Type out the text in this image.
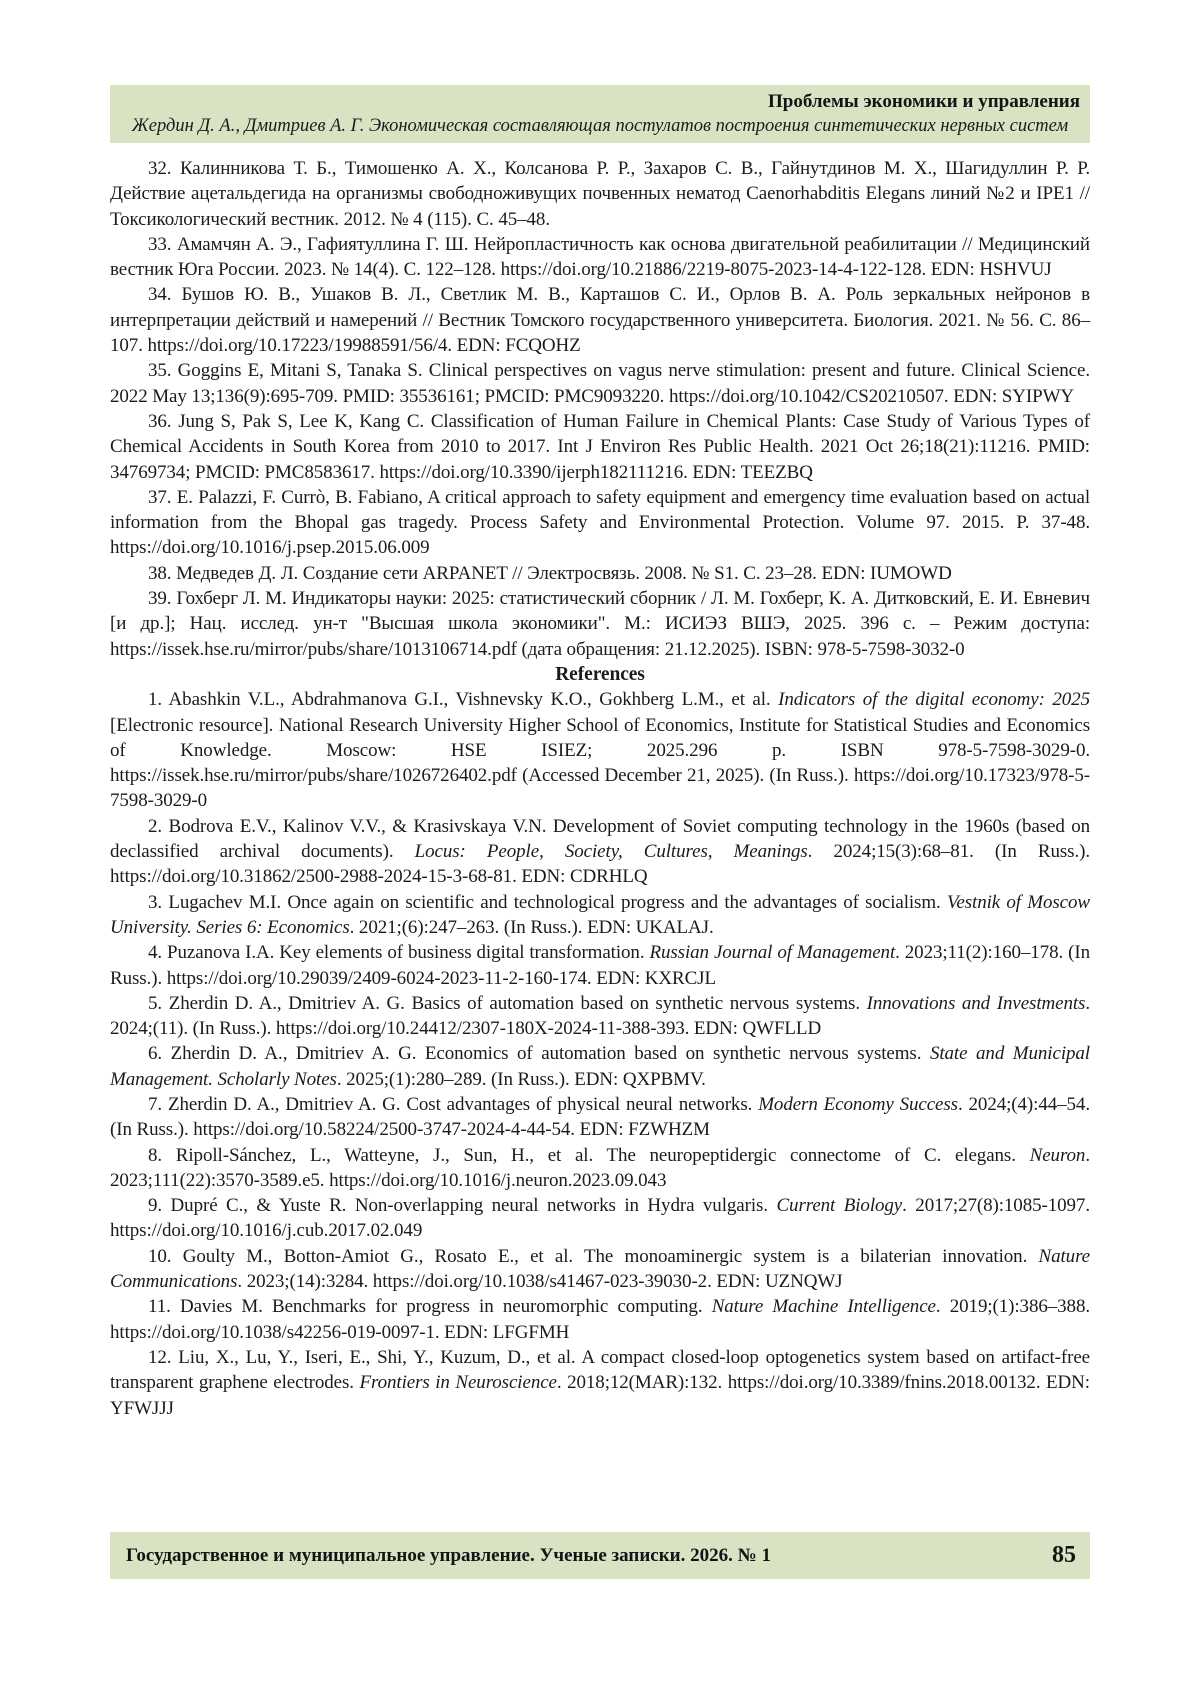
Проблемы экономики и управления
Жердин Д. А., Дмитриев А. Г. Экономическая составляющая постулатов построения синтетических нервных систем

32. Калинникова Т. Б., Тимошенко А. Х., Колсанова Р. Р., Захаров С. В., Гайнутдинов М. Х., Шагидуллин Р. Р. Действие ацетальдегида на организмы свободноживущих почвенных нематод Caenorhabditis Elegans линий №2 и IPE1 // Токсикологический вестник. 2012. № 4 (115). С. 45–48.

33. Амамчян А. Э., Гафиятуллина Г. Ш. Нейропластичность как основа двигательной реабилитации // Медицинский вестник Юга России. 2023. № 14(4). С. 122–128. https://doi.org/10.21886/2219-8075-2023-14-4-122-128. EDN: HSHVUJ

34. Бушов Ю. В., Ушаков В. Л., Светлик М. В., Карташов С. И., Орлов В. А. Роль зеркальных нейронов в интерпретации действий и намерений // Вестник Томского государственного университета. Биология. 2021. № 56. С. 86–107. https://doi.org/10.17223/19988591/56/4. EDN: FCQOHZ

35. Goggins E, Mitani S, Tanaka S. Clinical perspectives on vagus nerve stimulation: present and future. Clinical Science. 2022 May 13;136(9):695-709. PMID: 35536161; PMCID: PMC9093220. https://doi.org/10.1042/CS20210507. EDN: SYIPWY

36. Jung S, Pak S, Lee K, Kang C. Classification of Human Failure in Chemical Plants: Case Study of Various Types of Chemical Accidents in South Korea from 2010 to 2017. Int J Environ Res Public Health. 2021 Oct 26;18(21):11216. PMID: 34769734; PMCID: PMC8583617. https://doi.org/10.3390/ijerph182111216. EDN: TEEZBQ

37. E. Palazzi, F. Currò, B. Fabiano, A critical approach to safety equipment and emergency time evaluation based on actual information from the Bhopal gas tragedy. Process Safety and Environmental Protection. Volume 97. 2015. P. 37-48. https://doi.org/10.1016/j.psep.2015.06.009

38. Медведев Д. Л. Создание сети ARPANET // Электросвязь. 2008. № S1. С. 23–28. EDN: IUMOWD

39. Гохберг Л. М. Индикаторы науки: 2025: статистический сборник / Л. М. Гохберг, К. А. Дитковский, Е. И. Евневич [и др.]; Нац. исслед. ун-т "Высшая школа экономики". М.: ИСИЭЗ ВШЭ, 2025. 396 с. – Режим доступа: https://issek.hse.ru/mirror/pubs/share/1013106714.pdf (дата обращения: 21.12.2025). ISBN: 978-5-7598-3032-0

References

1. Abashkin V.L., Abdrahmanova G.I., Vishnevsky K.O., Gokhberg L.M., et al. Indicators of the digital economy: 2025 [Electronic resource]. National Research University Higher School of Economics, Institute for Statistical Studies and Economics of Knowledge. Moscow: HSE ISIEZ; 2025.296 p. ISBN 978-5-7598-3029-0. https://issek.hse.ru/mirror/pubs/share/1026726402.pdf (Accessed December 21, 2025). (In Russ.). https://doi.org/10.17323/978-5-7598-3029-0

2. Bodrova E.V., Kalinov V.V., & Krasivskaya V.N. Development of Soviet computing technology in the 1960s (based on declassified archival documents). Locus: People, Society, Cultures, Meanings. 2024;15(3):68–81. (In Russ.). https://doi.org/10.31862/2500-2988-2024-15-3-68-81. EDN: CDRHLQ

3. Lugachev M.I. Once again on scientific and technological progress and the advantages of socialism. Vestnik of Moscow University. Series 6: Economics. 2021;(6):247–263. (In Russ.). EDN: UKALAJ.

4. Puzanova I.A. Key elements of business digital transformation. Russian Journal of Management. 2023;11(2):160–178. (In Russ.). https://doi.org/10.29039/2409-6024-2023-11-2-160-174. EDN: KXRCJL

5. Zherdin D. A., Dmitriev A. G. Basics of automation based on synthetic nervous systems. Innovations and Investments. 2024;(11). (In Russ.). https://doi.org/10.24412/2307-180X-2024-11-388-393. EDN: QWFLLD

6. Zherdin D. A., Dmitriev A. G. Economics of automation based on synthetic nervous systems. State and Municipal Management. Scholarly Notes. 2025;(1):280–289. (In Russ.). EDN: QXPBMV.

7. Zherdin D. A., Dmitriev A. G. Cost advantages of physical neural networks. Modern Economy Success. 2024;(4):44–54. (In Russ.). https://doi.org/10.58224/2500-3747-2024-4-44-54. EDN: FZWHZM

8. Ripoll-Sánchez, L., Watteyne, J., Sun, H., et al. The neuropeptidergic connectome of C. elegans. Neuron. 2023;111(22):3570-3589.e5. https://doi.org/10.1016/j.neuron.2023.09.043

9. Dupré C., & Yuste R. Non-overlapping neural networks in Hydra vulgaris. Current Biology. 2017;27(8):1085-1097. https://doi.org/10.1016/j.cub.2017.02.049

10. Goulty M., Botton-Amiot G., Rosato E., et al. The monoaminergic system is a bilaterian innovation. Nature Communications. 2023;(14):3284. https://doi.org/10.1038/s41467-023-39030-2. EDN: UZNQWJ

11. Davies M. Benchmarks for progress in neuromorphic computing. Nature Machine Intelligence. 2019;(1):386–388. https://doi.org/10.1038/s42256-019-0097-1. EDN: LFGFMH

12. Liu, X., Lu, Y., Iseri, E., Shi, Y., Kuzum, D., et al. A compact closed-loop optogenetics system based on artifact-free transparent graphene electrodes. Frontiers in Neuroscience. 2018;12(MAR):132. https://doi.org/10.3389/fnins.2018.00132. EDN: YFWJJJ

Государственное и муниципальное управление. Ученые записки. 2026. № 1	85
